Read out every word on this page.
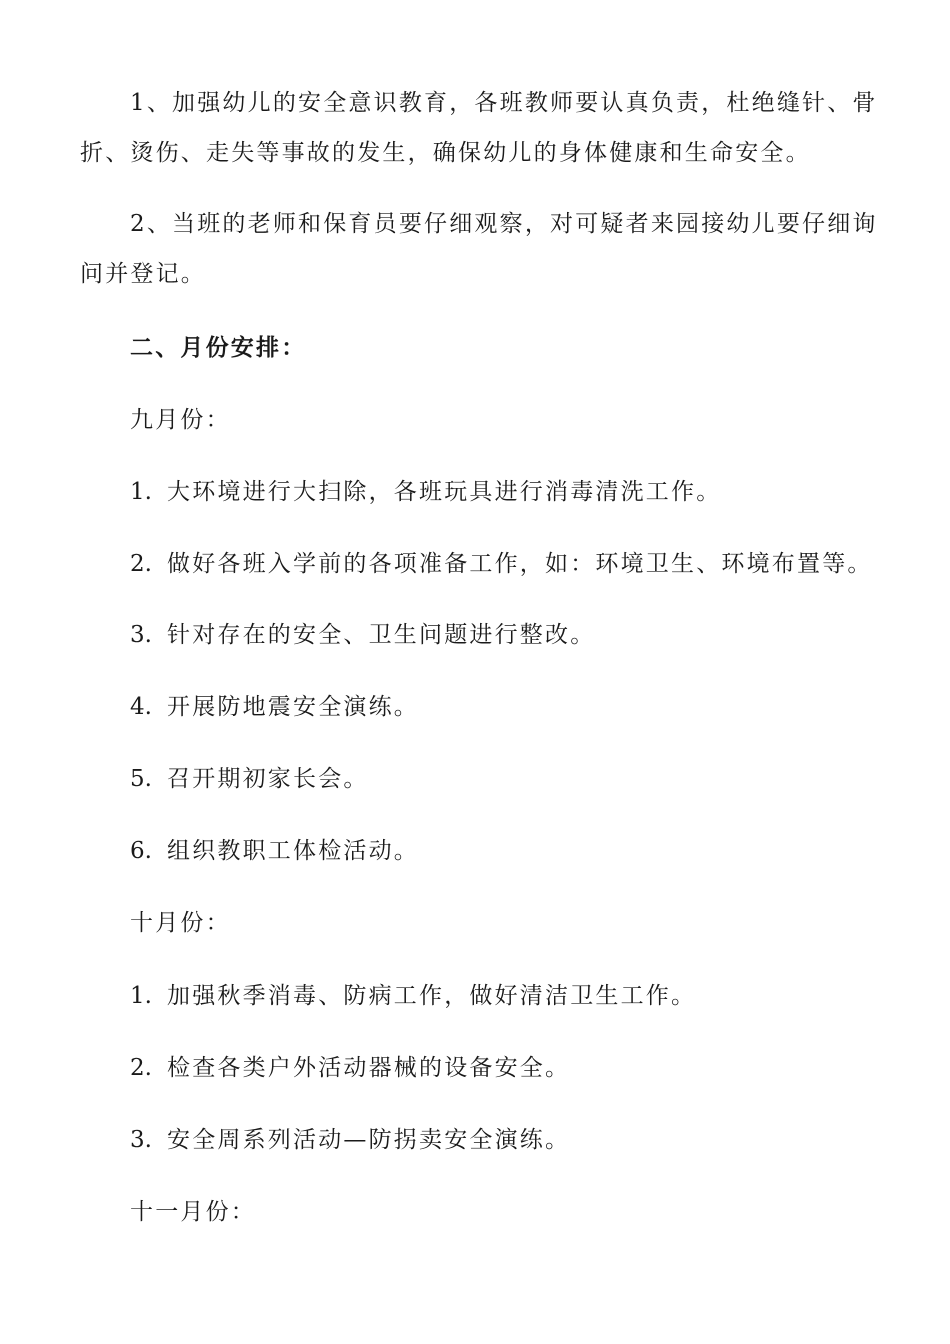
1、加强幼儿的安全意识教育，各班教师要认真负责，杜绝缝针、骨折、烫伤、走失等事故的发生，确保幼儿的身体健康和生命安全。

2、当班的老师和保育员要仔细观察，对可疑者来园接幼儿要仔细询问并登记。

二、月份安排：

九月份：

1. 大环境进行大扫除，各班玩具进行消毒清洗工作。

2. 做好各班入学前的各项准备工作，如：环境卫生、环境布置等。

3. 针对存在的安全、卫生问题进行整改。

4. 开展防地震安全演练。

5. 召开期初家长会。

6. 组织教职工体检活动。

十月份：

1. 加强秋季消毒、防病工作，做好清洁卫生工作。

2. 检查各类户外活动器械的设备安全。

3. 安全周系列活动—防拐卖安全演练。

十一月份：
